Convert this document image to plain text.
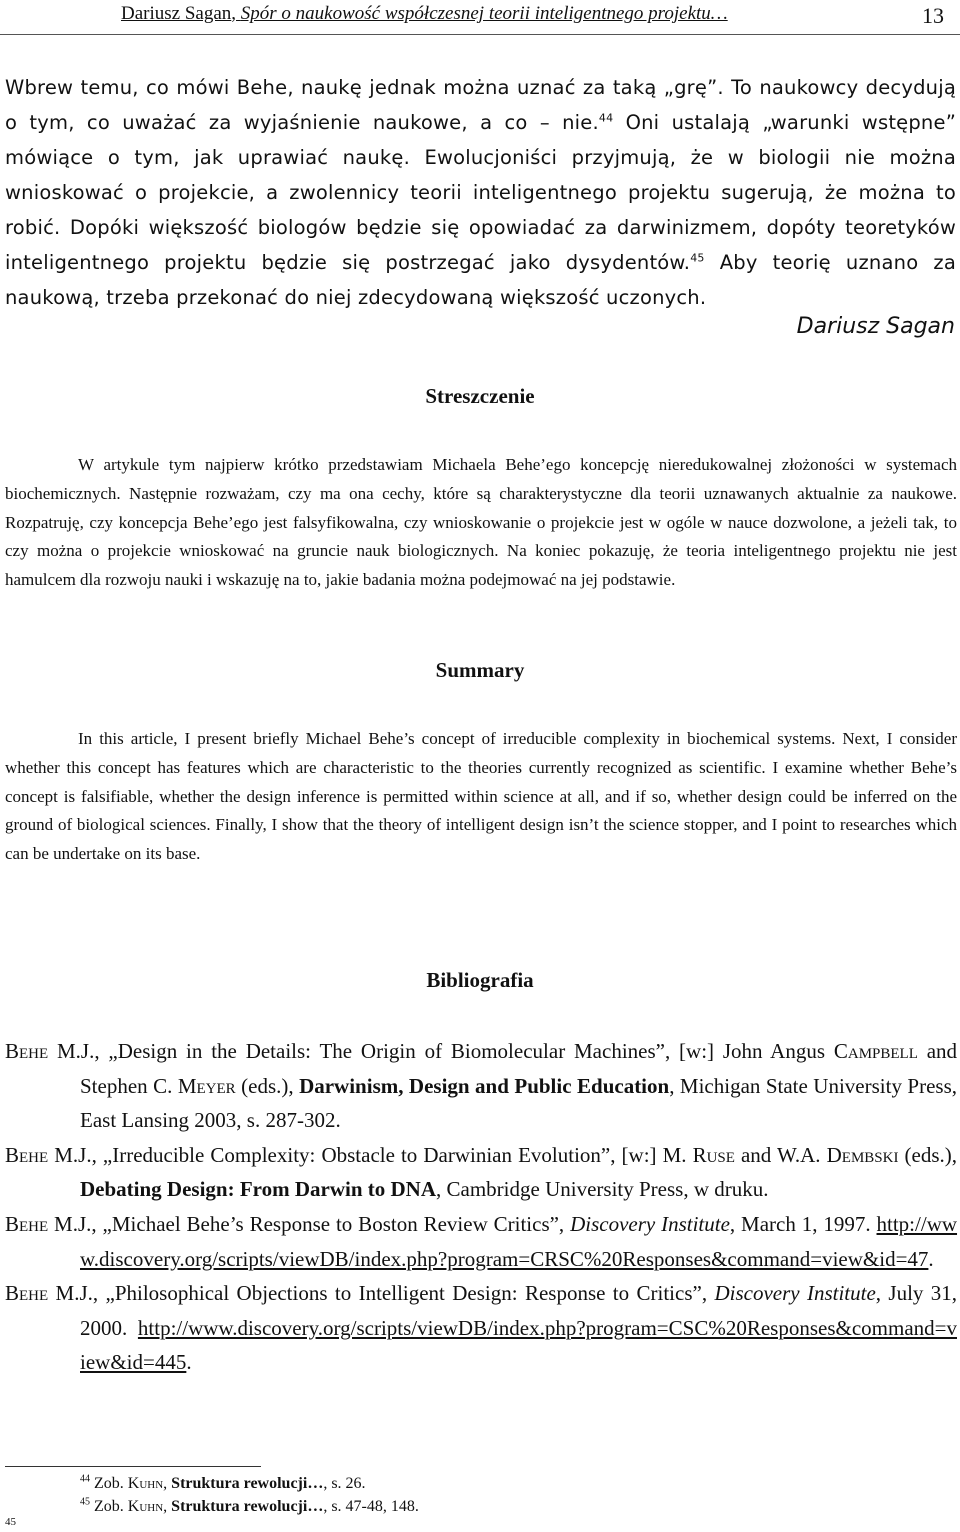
Dariusz Sagan, Spór o naukowość współczesnej teorii inteligentnego projektu…	13

Wbrew temu, co mówi Behe, naukę jednak można uznać za taką „grę”. To naukowcy decydują o tym, co uważać za wyjaśnienie naukowe, a co – nie.$^{44}$ Oni ustalają „warunki wstępne” mówiące o tym, jak uprawiać naukę. Ewolucjoniści przyjmują, że w biologii nie można wnioskować o projekcie, a zwolennicy teorii inteligentnego projektu sugerują, że można to robić. Dopóki większość biologów będzie się opowiadać za darwinizmem, dopóty teoretyków inteligentnego projektu będzie się postrzegać jako dysydentów.$^{45}$ Aby teorię uznano za naukową, trzeba przekonać do niej zdecydowaną większość uczonych.

Dariusz Sagan
Streszczenie

W artykule tym najpierw krótko przedstawiam Michaela Behe’ego koncepcję nieredukowalnej złożoności w systemach biochemicznych. Następnie rozważam, czy ma ona cechy, które są charakterystyczne dla teorii uznawanych aktualnie za naukowe. Rozpatruję, czy koncepcja Behe’ego jest falsyfikowalna, czy wnioskowanie o projekcie jest w ogóle w nauce dozwolone, a jeżeli tak, to czy można o projekcie wnioskować na gruncie nauk biologicznych. Na koniec pokazuję, że teoria inteligentnego projektu nie jest hamulcem dla rozwoju nauki i wskazuję na to, jakie badania można podejmować na jej podstawie.

Summary

In this article, I present briefly Michael Behe’s concept of irreducible complexity in biochemical systems. Next, I consider whether this concept has features which are characteristic to the theories currently recognized as scientific. I examine whether Behe’s concept is falsifiable, whether the design inference is permitted within science at all, and if so, whether design could be inferred on the ground of biological sciences. Finally, I show that the theory of intelligent design isn’t the science stopper, and I point to researches which can be undertake on its base.

Bibliografia

Behe M.J., „Design in the Details: The Origin of Biomolecular Machines”, [w:] John Angus Campbell and Stephen C. Meyer (eds.), Darwinism, Design and Public Education, Michigan State University Press, East Lansing 2003, s. 287-302.

Behe M.J., „Irreducible Complexity: Obstacle to Darwinian Evolution”, [w:] M. Ruse and W.A. Dembski (eds.), Debating Design: From Darwin to DNA, Cambridge University Press, w druku.

Behe M.J., „Michael Behe’s Response to Boston Review Critics”, Discovery Institute, March 1, 1997. http://www.discovery.org/scripts/viewDB/index.php?program=CRSC%20Responses&command=view&id=47.

Behe M.J., „Philosophical Objections to Intelligent Design: Response to Critics”, Discovery Institute, July 31, 2000. http://www.discovery.org/scripts/viewDB/index.php?program=CSC%20Responses&command=view&id=445.

$^{44}$ Zob. Kuhn, Struktura rewolucji…, s. 26.

$^{45}$ Zob. Kuhn, Struktura rewolucji…, s. 47-48, 148.

45
